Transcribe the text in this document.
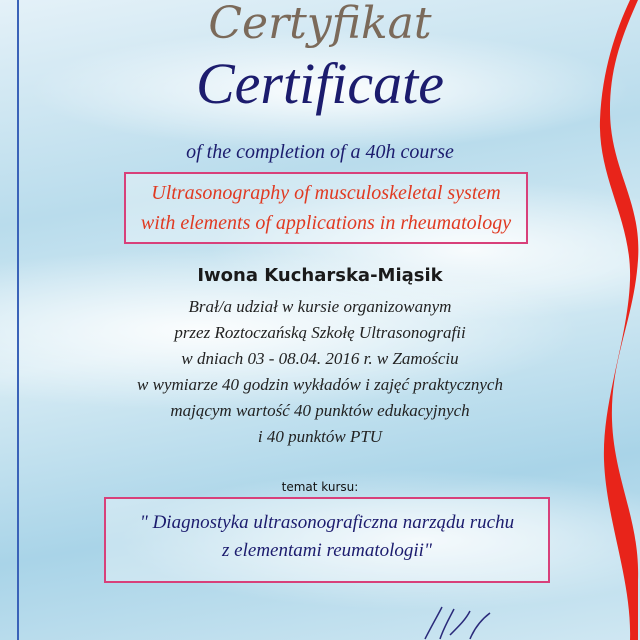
Certyfikat
Certificate
of the completion of a 40h course
Ultrasonography of musculoskeletal system
with elements of applications in rheumatology
Iwona Kucharska-Miąsik
Brał/a udział w kursie organizowanym
przez Roztoczańską Szkołę Ultrasonografii
w dniach 03 - 08.04. 2016 r. w Zamościu
w wymiarze 40 godzin wykładów i zajęć praktycznych
mającym wartość 40 punktów edukacyjnych
i 40 punktów PTU
temat kursu:
" Diagnostyka ultrasonograficzna narządu ruchu
z elementami reumatologii"
